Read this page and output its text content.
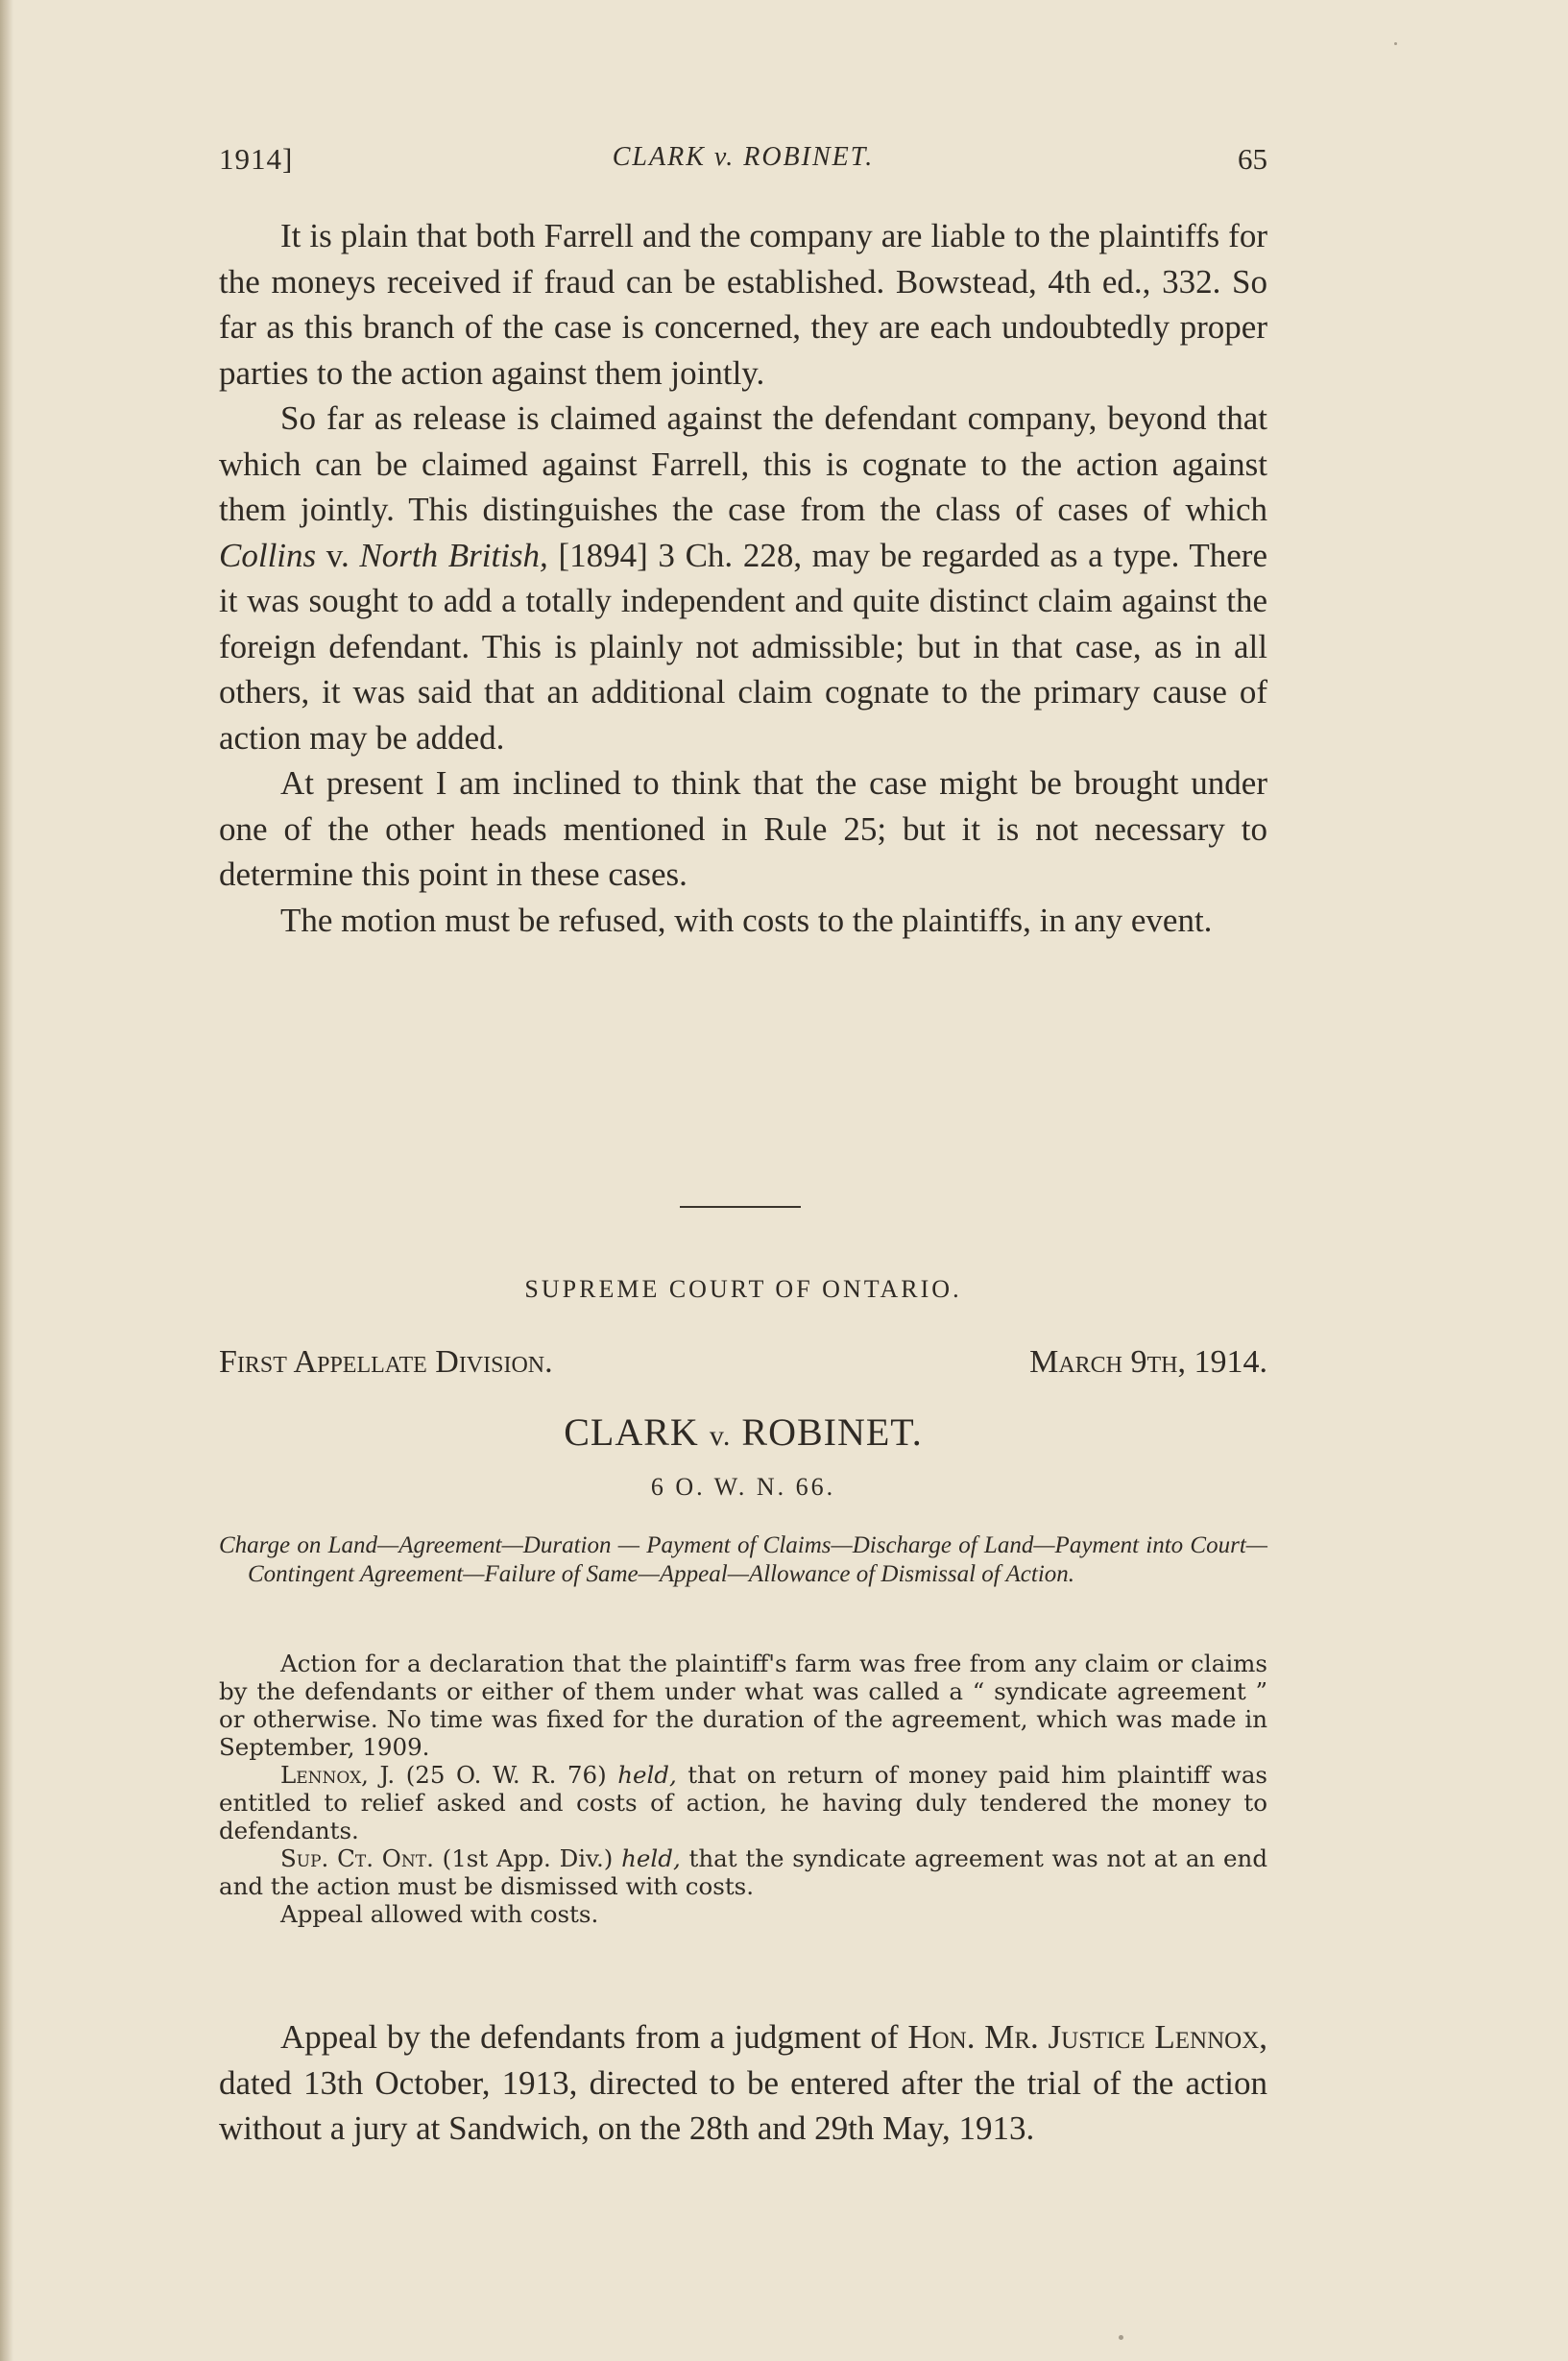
1914]	CLARK v. ROBINET.	65

It is plain that both Farrell and the company are liable to the plaintiffs for the moneys received if fraud can be established. Bowstead, 4th ed., 332. So far as this branch of the case is concerned, they are each undoubtedly proper parties to the action against them jointly.

So far as release is claimed against the defendant company, beyond that which can be claimed against Farrell, this is cognate to the action against them jointly. This distinguishes the case from the class of cases of which Collins v. North British, [1894] 3 Ch. 228, may be regarded as a type. There it was sought to add a totally independent and quite distinct claim against the foreign defendant. This is plainly not admissible; but in that case, as in all others, it was said that an additional claim cognate to the primary cause of action may be added.

At present I am inclined to think that the case might be brought under one of the other heads mentioned in Rule 25; but it is not necessary to determine this point in these cases.

The motion must be refused, with costs to the plaintiffs, in any event.

SUPREME COURT OF ONTARIO.
First Appellate Division.	March 9th, 1914.
CLARK v. ROBINET.
6 O. W. N. 66.
Charge on Land—Agreement—Duration — Payment of Claims—Discharge of Land—Payment into Court—Contingent Agreement—Failure of Same—Appeal—Allowance of Dismissal of Action.

Action for a declaration that the plaintiff's farm was free from any claim or claims by the defendants or either of them under what was called a “ syndicate agreement ” or otherwise. No time was fixed for the duration of the agreement, which was made in September, 1909.

Lennox, J. (25 O. W. R. 76) held, that on return of money paid him plaintiff was entitled to relief asked and costs of action, he having duly tendered the money to defendants.

Sup. Ct. Ont. (1st App. Div.) held, that the syndicate agreement was not at an end and the action must be dismissed with costs.

Appeal allowed with costs.

Appeal by the defendants from a judgment of Hon. Mr. Justice Lennox, dated 13th October, 1913, directed to be entered after the trial of the action without a jury at Sandwich, on the 28th and 29th May, 1913.
